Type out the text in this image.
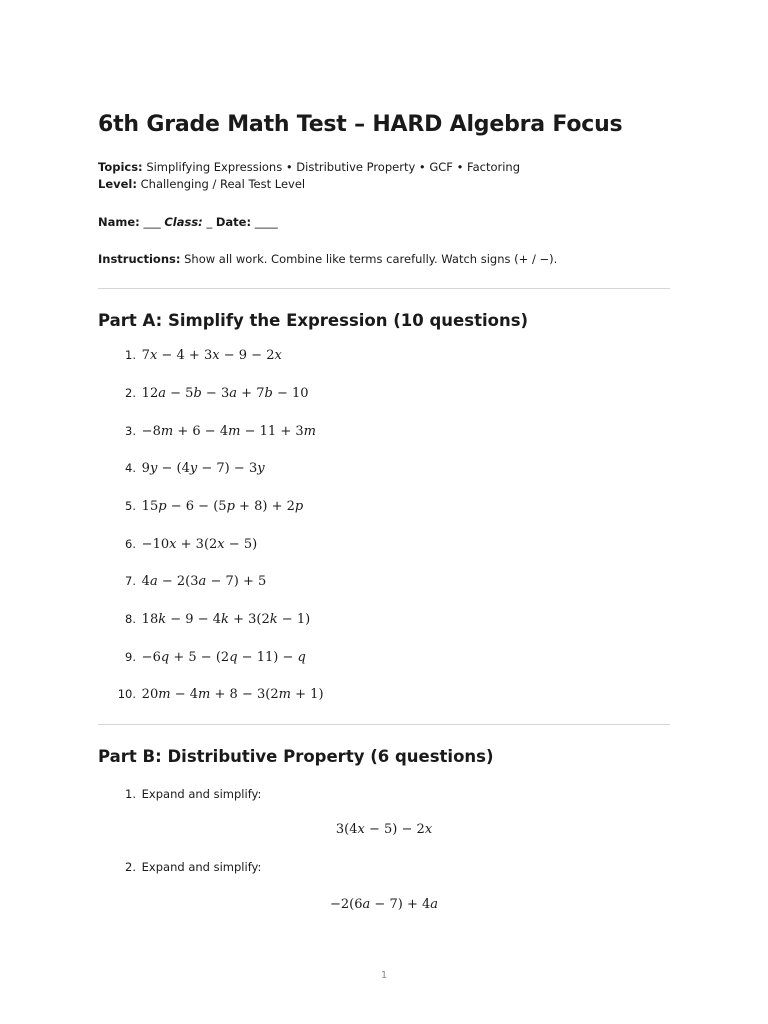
6th Grade Math Test – HARD Algebra Focus
Topics: Simplifying Expressions • Distributive Property • GCF • Factoring
Level: Challenging / Real Test Level
Name: ___ Class: _ Date: ____
Instructions: Show all work. Combine like terms carefully. Watch signs (+ / −).
Part A: Simplify the Expression (10 questions)
1. 7x − 4 + 3x − 9 − 2x
2. 12a − 5b − 3a + 7b − 10
3. −8m + 6 − 4m − 11 + 3m
4. 9y − (4y − 7) − 3y
5. 15p − 6 − (5p + 8) + 2p
6. −10x + 3(2x − 5)
7. 4a − 2(3a − 7) + 5
8. 18k − 9 − 4k + 3(2k − 1)
9. −6q + 5 − (2q − 11) − q
10. 20m − 4m + 8 − 3(2m + 1)
Part B: Distributive Property (6 questions)
1. Expand and simplify:
3(4x − 5) − 2x
2. Expand and simplify:
−2(6a − 7) + 4a
1
